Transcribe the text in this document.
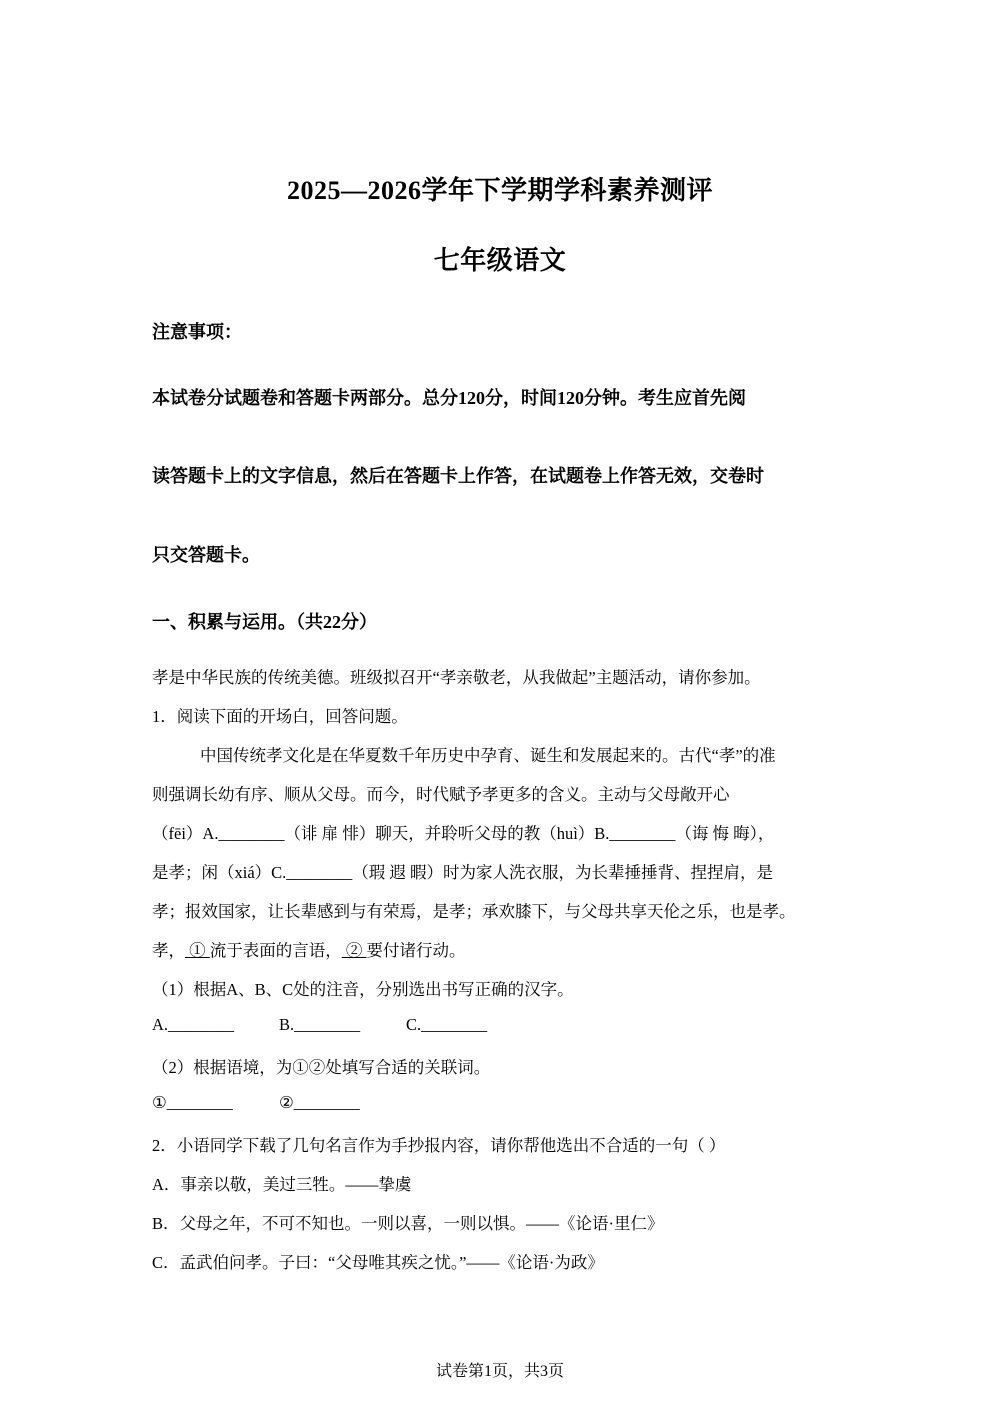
2025—2026学年下学期学科素养测评
七年级语文
注意事项：
本试卷分试题卷和答题卡两部分。总分120分，时间120分钟。考生应首先阅
读答题卡上的文字信息，然后在答题卡上作答，在试题卷上作答无效，交卷时
只交答题卡。
一、积累与运用。（共22分）
孝是中华民族的传统美德。班级拟召开“孝亲敬老，从我做起”主题活动，请你参加。
1．阅读下面的开场白，回答问题。
中国传统孝文化是在华夏数千年历史中孕育、诞生和发展起来的。古代“孝”的准
则强调长幼有序、顺从父母。而今，时代赋予孝更多的含义。主动与父母敞开心
（fēi）A.________（诽 扉 悱）聊天，并聆听父母的教（huì）B.________（诲 悔 晦），
是孝；闲（xiá）C.________（瑕 遐 暇）时为家人洗衣服，为长辈捶捶背、捏捏肩，是
孝；报效国家，让长辈感到与有荣焉，是孝；承欢膝下，与父母共享天伦之乐，也是孝。
孝， ① 流于表面的言语， ② 要付诸行动。
（1）根据A、B、C处的注音，分别选出书写正确的汉字。
A.________	B.________	C.________
（2）根据语境，为①②处填写合适的关联词。
①________	②________
2．小语同学下载了几句名言作为手抄报内容，请你帮他选出不合适的一句（ ）
A．事亲以敬，美过三牲。——挚虞
B．父母之年，不可不知也。一则以喜，一则以惧。——《论语·里仁》
C．孟武伯问孝。子曰：“父母唯其疾之忧。”——《论语·为政》
试卷第1页，共3页
